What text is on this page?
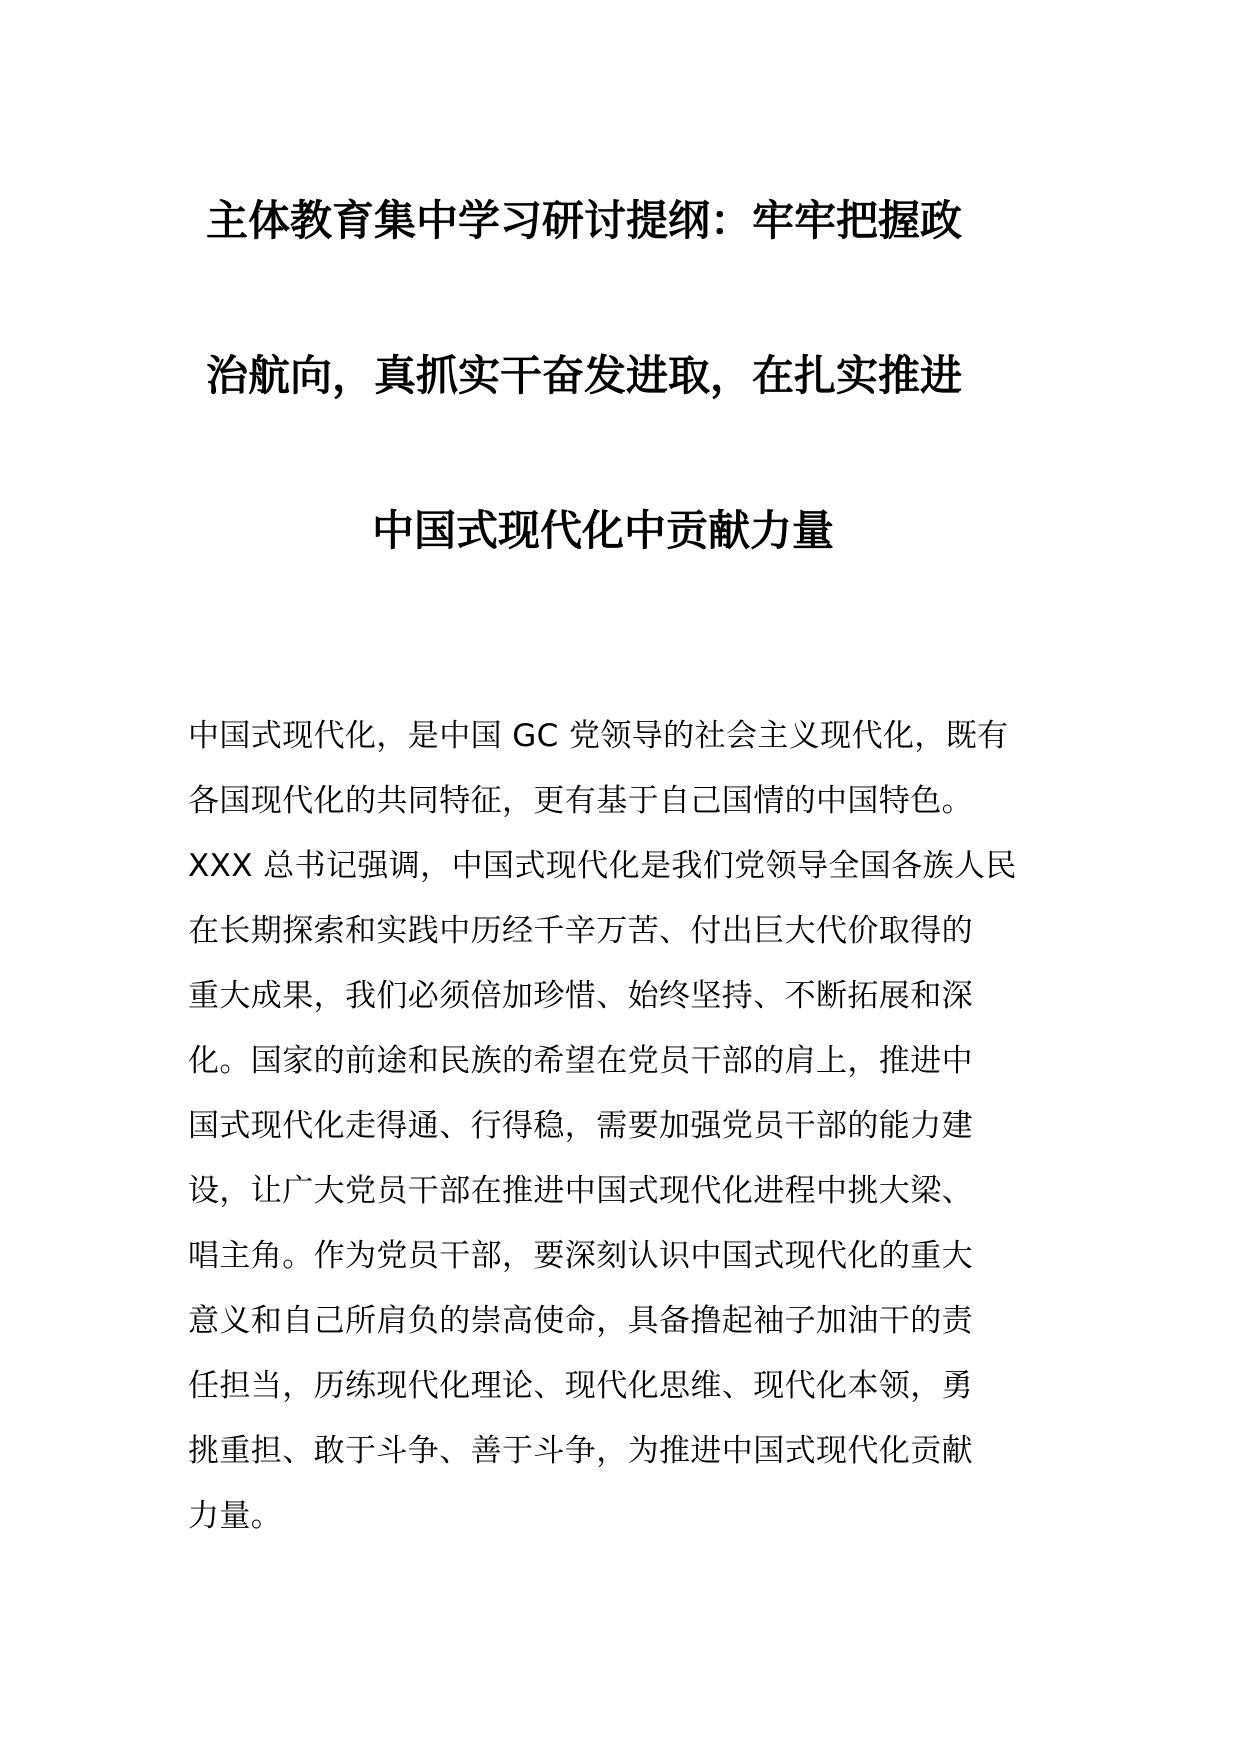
主体教育集中学习研讨提纲：牢牢把握政
治航向，真抓实干奋发进取，在扎实推进
中国式现代化中贡献力量
中国式现代化，是中国 GC 党领导的社会主义现代化，既有
各国现代化的共同特征，更有基于自己国情的中国特色。
XXX 总书记强调，中国式现代化是我们党领导全国各族人民
在长期探索和实践中历经千辛万苦、付出巨大代价取得的
重大成果，我们必须倍加珍惜、始终坚持、不断拓展和深
化。国家的前途和民族的希望在党员干部的肩上，推进中
国式现代化走得通、行得稳，需要加强党员干部的能力建
设，让广大党员干部在推进中国式现代化进程中挑大梁、
唱主角。作为党员干部，要深刻认识中国式现代化的重大
意义和自己所肩负的崇高使命，具备撸起袖子加油干的责
任担当，历练现代化理论、现代化思维、现代化本领，勇
挑重担、敢于斗争、善于斗争，为推进中国式现代化贡献
力量。
